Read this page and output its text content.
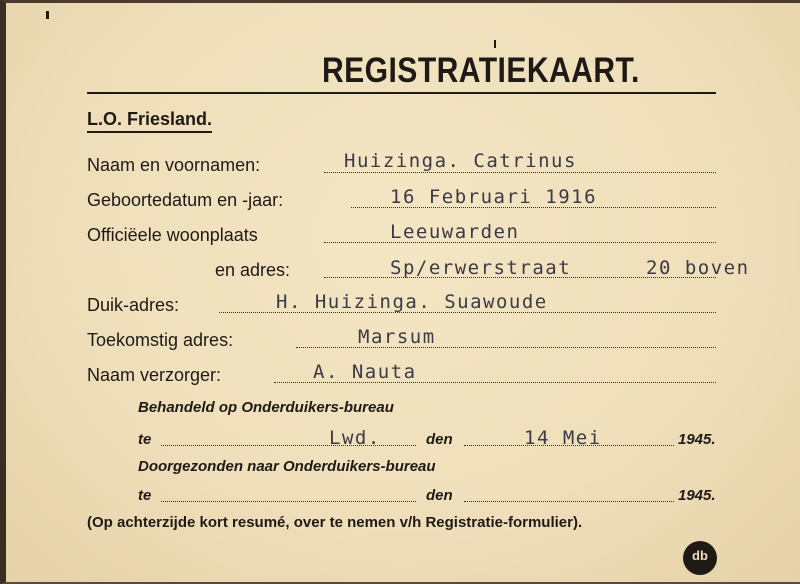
REGISTRATIEKAART.
L.O. Friesland.
Naam en voornamen:	Huizinga. Catrinus
Geboortedatum en -jaar:	16 Februari 1916
Officiëele woonplaats	Leeuwarden
en adres:	Sp/erwerstraat	20 boven
Duik-adres:	H. Huizinga. Suawoude
Toekomstig adres:	Marsum
Naam verzorger:	A. Nauta
Behandeld op Onderduikers-bureau
te	Lwd.	den	14 Mei	1945.
Doorgezonden naar Onderduikers-bureau
te	den	1945.
(Op achterzijde kort resumé, over te nemen v/h Registratie-formulier).
db
